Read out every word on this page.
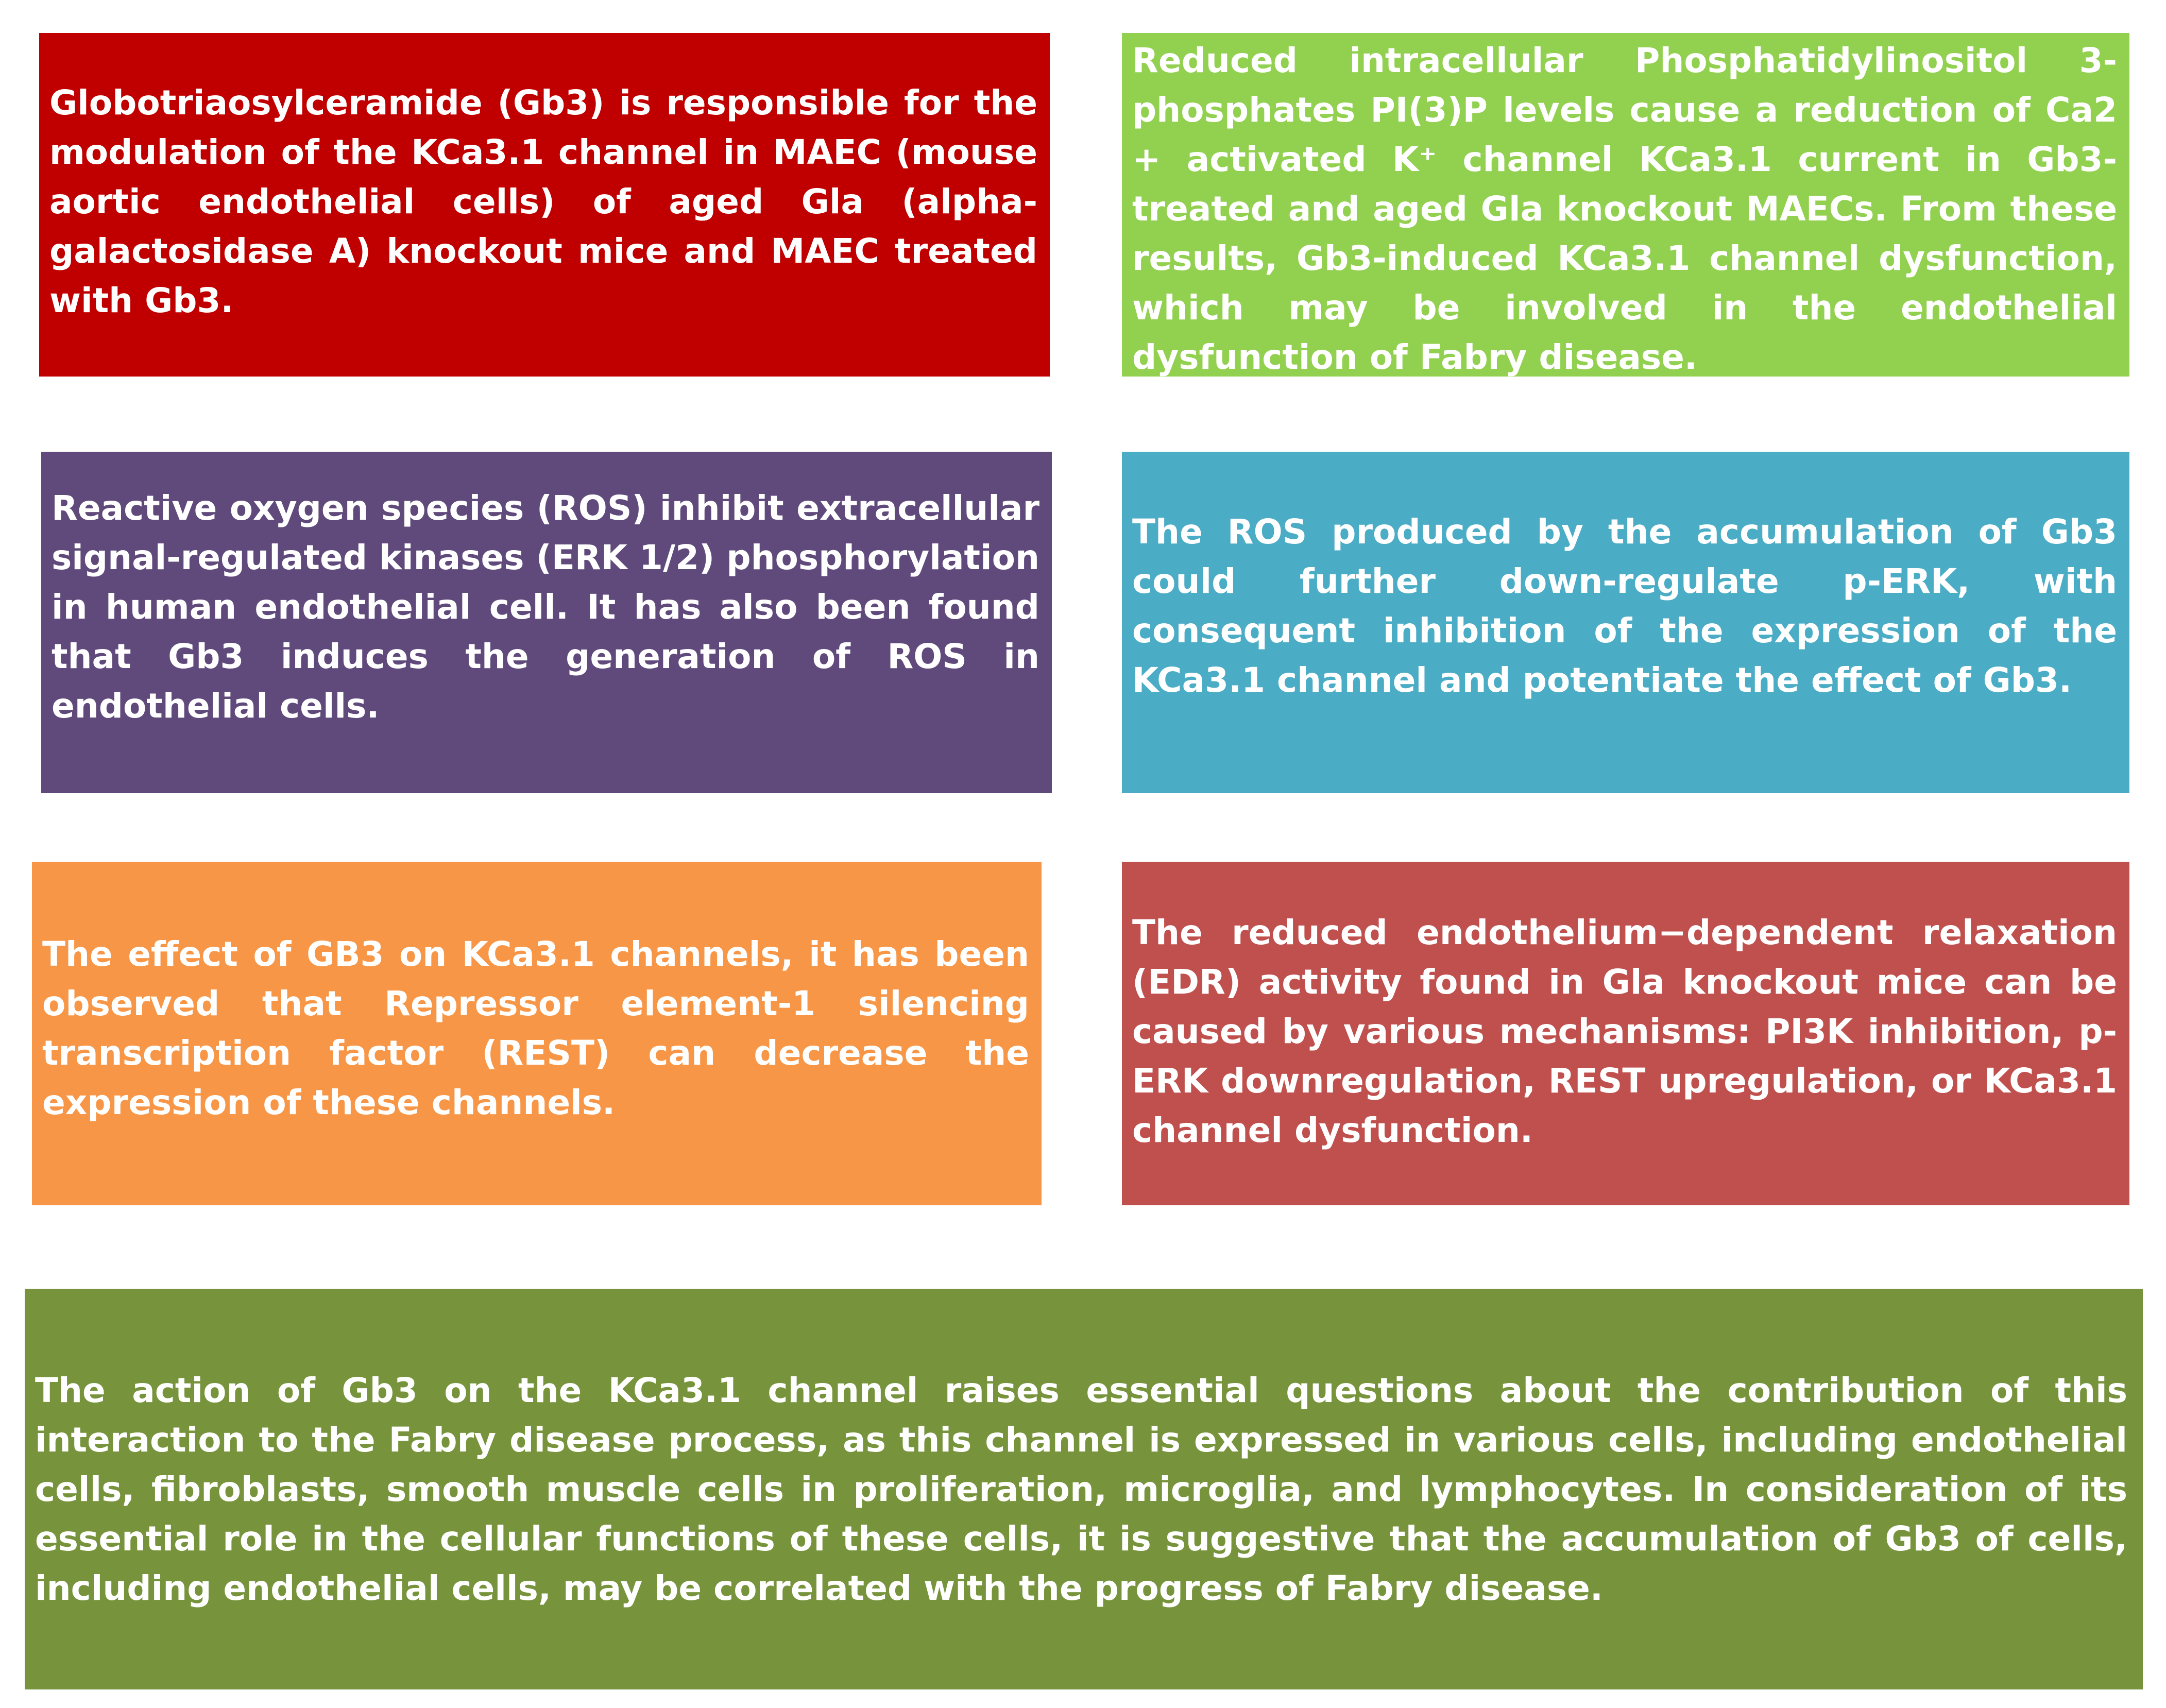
Globotriaosylceramide (Gb3) is responsible for the modulation of the KCa3.1 channel in MAEC (mouse aortic endothelial cells) of aged Gla (alpha-galactosidase A) knockout mice and MAEC treated with Gb3.

Reduced intracellular Phosphatidylinositol 3-phosphates PI(3)P levels cause a reduction of Ca2 + activated K⁺ channel KCa3.1 current in Gb3-treated and aged Gla knockout MAECs. From these results, Gb3-induced KCa3.1 channel dysfunction, which may be involved in the endothelial dysfunction of Fabry disease.

Reactive oxygen species (ROS) inhibit extracellular signal-regulated kinases (ERK 1/2) phosphorylation in human endothelial cell. It has also been found that Gb3 induces the generation of ROS in endothelial cells.

The ROS produced by the accumulation of Gb3 could further down-regulate p-ERK, with consequent inhibition of the expression of the KCa3.1 channel and potentiate the effect of Gb3.

The effect of GB3 on KCa3.1 channels, it has been observed that Repressor element-1 silencing transcription factor (REST) can decrease the expression of these channels.

The reduced endothelium−dependent relaxation (EDR) activity found in Gla knockout mice can be caused by various mechanisms: PI3K inhibition, p-ERK downregulation, REST upregulation, or KCa3.1 channel dysfunction.

The action of Gb3 on the KCa3.1 channel raises essential questions about the contribution of this interaction to the Fabry disease process, as this channel is expressed in various cells, including endothelial cells, fibroblasts, smooth muscle cells in proliferation, microglia, and lymphocytes. In consideration of its essential role in the cellular functions of these cells, it is suggestive that the accumulation of Gb3 of cells, including endothelial cells, may be correlated with the progress of Fabry disease.
